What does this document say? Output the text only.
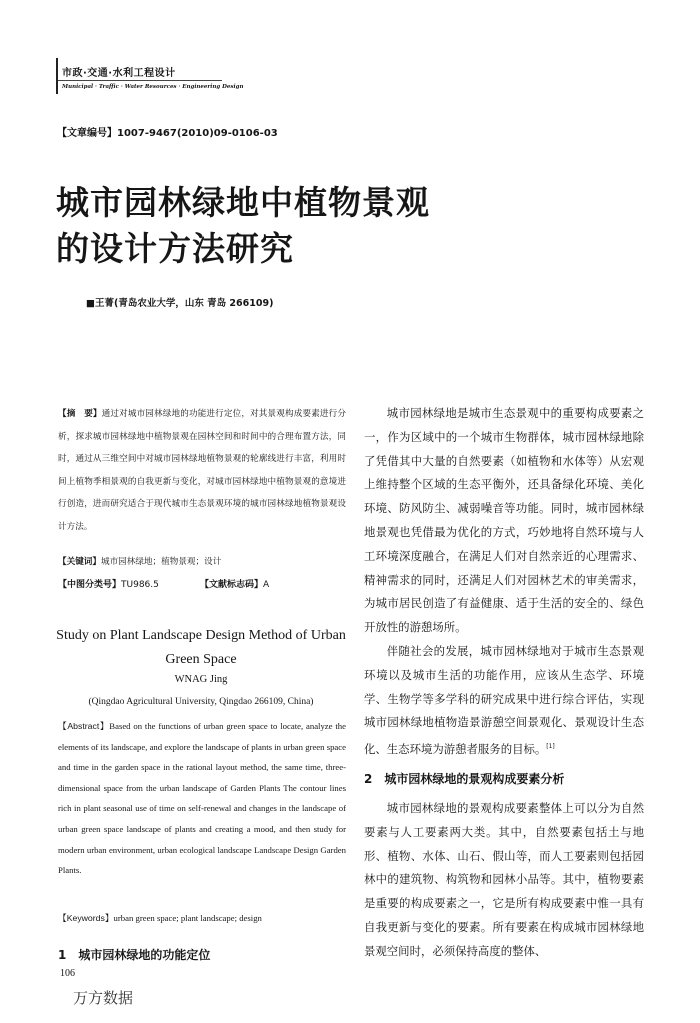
市政·交通·水利工程设计
Municipal · Traffic · Water Resources · Engineering Design
【文章编号】1007-9467(2010)09-0106-03
城市园林绿地中植物景观
的设计方法研究
■王菁(青岛农业大学，山东 青岛 266109)
【摘　要】通过对城市园林绿地的功能进行定位，对其景观构成要素进行分析，探求城市园林绿地中植物景观在园林空间和时间中的合理布置方法，同时，通过从三维空间中对城市园林绿地植物景观的轮廓线进行丰富，利用时间上植物季相景观的自我更新与变化，对城市园林绿地中植物景观的意境进行创造，进而研究适合于现代城市生态景观环境的城市园林绿地植物景观设计方法。
【关键词】城市园林绿地；植物景观；设计
【中图分类号】TU986.5	【文献标志码】A
Study on Plant Landscape Design Method of Urban
Green Space
WNAG Jing
(Qingdao Agricultural University, Qingdao 266109, China)
【Abstract】Based on the functions of urban green space to locate, analyze the elements of its landscape, and explore the landscape of plants in urban green space and time in the garden space in the rational layout method, the same time, three-dimensional space from the urban landscape of Garden Plants The contour lines rich in plant seasonal use of time on self-renewal and changes in the landscape of urban green space landscape of plants and creating a mood, and then study for modern urban environment, urban ecological landscape Landscape Design Garden Plants.
【Keywords】urban green space; plant landscape; design
1　城市园林绿地的功能定位
106
万方数据

城市园林绿地是城市生态景观中的重要构成要素之一，作为区域中的一个城市生物群体，城市园林绿地除了凭借其中大量的自然要素（如植物和水体等）从宏观上维持整个区域的生态平衡外，还具备绿化环境、美化环境、防风防尘、减弱噪音等功能。同时，城市园林绿地景观也凭借最为优化的方式，巧妙地将自然环境与人工环境深度融合，在满足人们对自然亲近的心理需求、精神需求的同时，还满足人们对园林艺术的审美需求，为城市居民创造了有益健康、适于生活的安全的、绿色开放性的游憩场所。

伴随社会的发展，城市园林绿地对于城市生态景观环境以及城市生活的功能作用，应该从生态学、环境学、生物学等多学科的研究成果中进行综合评估，实现城市园林绿地植物造景游憩空间景观化、景观设计生态化、生态环境为游憩者服务的目标。[1]

2　城市园林绿地的景观构成要素分析

城市园林绿地的景观构成要素整体上可以分为自然要素与人工要素两大类。其中，自然要素包括土与地形、植物、水体、山石、假山等，而人工要素则包括园林中的建筑物、构筑物和园林小品等。其中，植物要素是重要的构成要素之一，它是所有构成要素中惟一具有自我更新与变化的要素。所有要素在构成城市园林绿地景观空间时，必须保持高度的整体、
